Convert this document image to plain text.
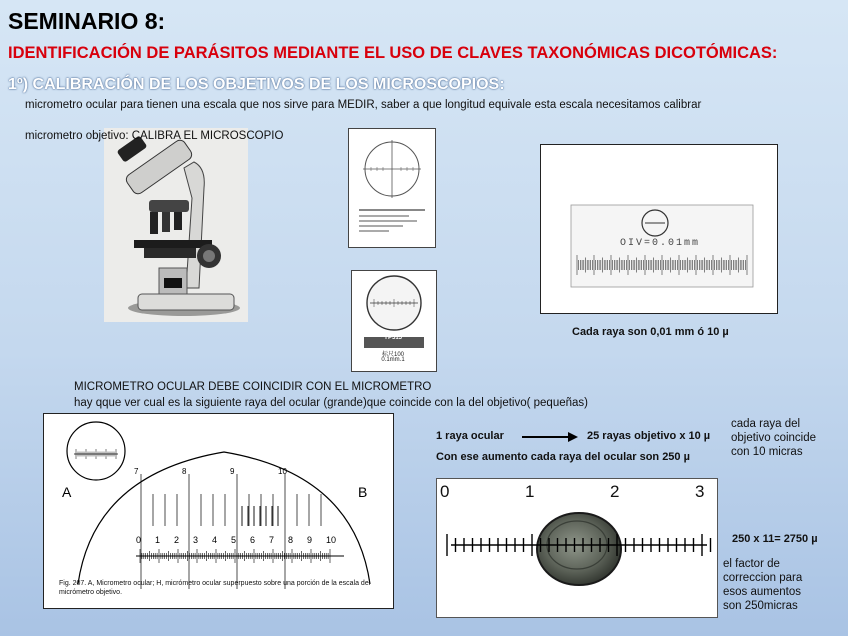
SEMINARIO 8:
IDENTIFICACIÓN DE PARÁSITOS MEDIANTE EL USO DE CLAVES TAXONÓMICAS DICOTÓMICAS:
1º) CALIBRACIÓN DE LOS OBJETIVOS DE LOS MICROSCOPIOS:
micrometro ocular para tienen una escala que nos sirve para MEDIR, saber a que longitud equivale esta escala necesitamos calibrar
micrometro objetivo: CALIBRA EL MICROSCOPIO
YP515
标尺100
0.1mm.1
OIV=0.01mm
Cada raya son 0,01 mm ó 10 µ
MICROMETRO OCULAR DEBE COINCIDIR CON EL MICROMETRO
hay qque ver cual es la siguiente raya del ocular (grande)que coincide con la del objetivo( pequeñas)
A	B
7	8	9	10
0 1 2 3 4 5 6 7 8 9 10
Fig. 207. A, Micrometro ocular; H, micrómetro ocular superpuesto sobre una porción de la escala del micrómetro objetivo.
1 raya ocular	25 rayas objetivo x 10 µ
Con ese aumento cada raya del ocular son 250 µ
cada raya del
objetivo coincide
con 10 micras
0	1	2	3
250 x 11= 2750 µ
el factor de
correccion para
esos aumentos
son 250micras
